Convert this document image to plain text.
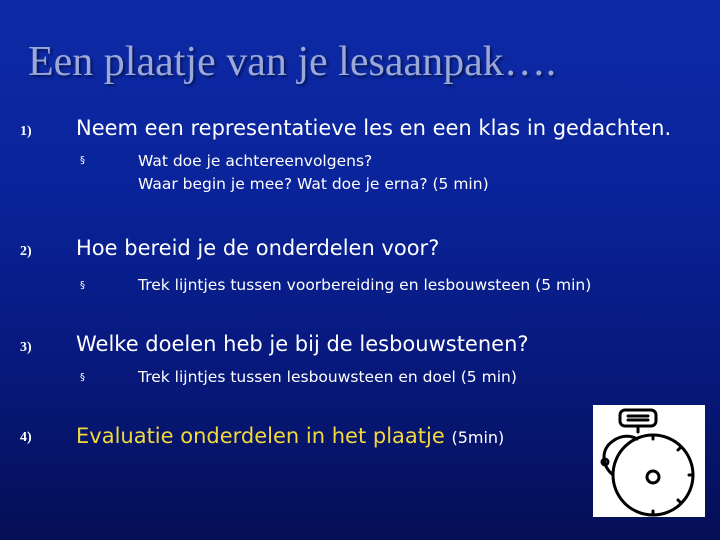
Een plaatje van je lesaanpak….
1) Neem een representatieve les en een klas in gedachten.
§	Wat doe je achtereenvolgens?
Waar begin je mee? Wat doe je erna? (5 min)
2) Hoe bereid je de onderdelen voor?
§	Trek lijntjes tussen voorbereiding en lesbouwsteen (5 min)
3) Welke doelen heb je bij de lesbouwstenen?
§	Trek lijntjes tussen lesbouwsteen en doel (5 min)
4) Evaluatie onderdelen in het plaatje (5min)
